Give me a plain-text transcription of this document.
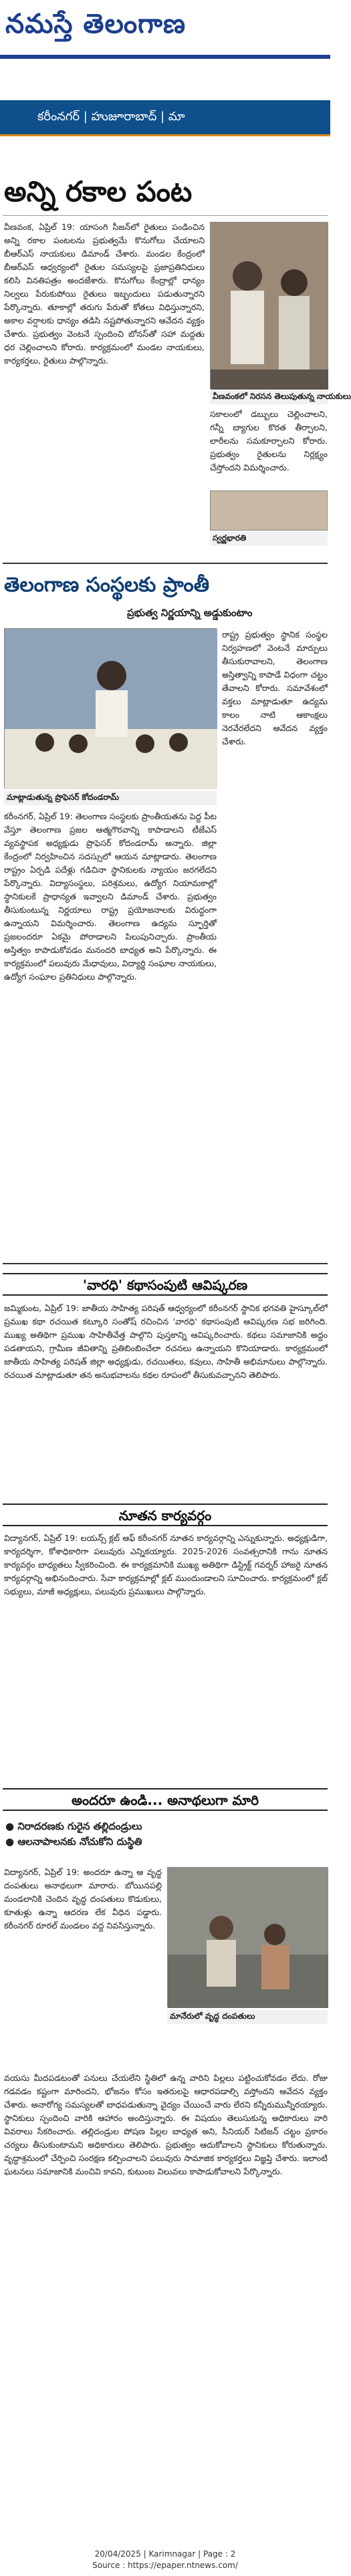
నమస్తే తెలంగాణ
కరీంనగర్ | హుజూరాబాద్ | మా
అన్ని రకాల పంట

వీణవంక, ఏప్రిల్ 19: యాసంగి సీజన్‌లో రైతులు పండించిన అన్ని రకాల పంటలను ప్రభుత్వమే కొనుగోలు చేయాలని బీఆర్ఎస్ నాయకులు డిమాండ్ చేశారు. మండల కేంద్రంలో బీఆర్ఎస్ ఆధ్వర్యంలో రైతుల సమస్యలపై ప్రజాప్రతినిధులు కలిసి వినతిపత్రం అందజేశారు. కొనుగోలు కేంద్రాల్లో ధాన్యం నిల్వలు పేరుకుపోయి రైతులు ఇబ్బందులు పడుతున్నారని పేర్కొన్నారు. తూకాల్లో తరుగు పేరుతో కోతలు విధిస్తున్నారని, అకాల వర్షాలకు ధాన్యం తడిసి నష్టపోతున్నారని ఆవేదన వ్యక్తం చేశారు. ప్రభుత్వం వెంటనే స్పందించి బోనస్‌తో సహా మద్దతు ధర చెల్లించాలని కోరారు. కార్యక్రమంలో మండల నాయకులు, కార్యకర్తలు, రైతులు పాల్గొన్నారు.

వీణవంకలో నిరసన తెలుపుతున్న నాయకులు

సకాలంలో డబ్బులు చెల్లించాలని, గన్నీ బ్యాగుల కొరత తీర్చాలని, లారీలను సమకూర్చాలని కోరారు. ప్రభుత్వం రైతులను నిర్లక్ష్యం చేస్తోందని విమర్శించారు.

స్వర్ణభారతి
తెలంగాణ సంస్థలకు ప్రాంతీ
ప్రభుత్వ నిర్ణయాన్ని అడ్డుకుంటాం
మాట్లాడుతున్న ప్రొఫెసర్ కోదండరామ్

కరీంనగర్, ఏప్రిల్ 19: తెలంగాణ సంస్థలకు ప్రాంతీయతను పెద్ద పీట వేస్తూ తెలంగాణ ప్రజల ఆత్మగౌరవాన్ని కాపాడాలని టీజేఎస్ వ్యవస్థాపక అధ్యక్షుడు ప్రొఫెసర్ కోదండరామ్ అన్నారు. జిల్లా కేంద్రంలో నిర్వహించిన సదస్సులో ఆయన మాట్లాడారు. తెలంగాణ రాష్ట్రం ఏర్పడి పదేళ్లు గడిచినా స్థానికులకు న్యాయం జరగలేదని పేర్కొన్నారు. విద్యాసంస్థలు, పరిశ్రమలు, ఉద్యోగ నియామకాల్లో స్థానికులకే ప్రాధాన్యత ఇవ్వాలని డిమాండ్ చేశారు. ప్రభుత్వం తీసుకుంటున్న నిర్ణయాలు రాష్ట్ర ప్రయోజనాలకు విరుద్ధంగా ఉన్నాయని విమర్శించారు. తెలంగాణ ఉద్యమ స్ఫూర్తితో ప్రజలందరూ ఏకమై పోరాడాలని పిలుపునిచ్చారు. ప్రాంతీయ అస్తిత్వం కాపాడుకోవడం మనందరి బాధ్యత అని పేర్కొన్నారు. ఈ కార్యక్రమంలో పలువురు మేధావులు, విద్యార్థి సంఘాల నాయకులు, ఉద్యోగ సంఘాల ప్రతినిధులు పాల్గొన్నారు.

రాష్ట్ర ప్రభుత్వం స్థానిక సంస్థల నిర్వహణలో వెంటనే మార్పులు తీసుకురావాలని, తెలంగాణ అస్తిత్వాన్ని కాపాడే విధంగా చట్టం తేవాలని కోరారు. సమావేశంలో వక్తలు మాట్లాడుతూ ఉద్యమ కాలం నాటి ఆకాంక్షలు నెరవేరలేదని ఆవేదన వ్యక్తం చేశారు.

'వారధి' కథాసంపుటి ఆవిష్కరణ

జమ్మికుంట, ఏప్రిల్ 19: జాతీయ సాహిత్య పరిషత్ ఆధ్వర్యంలో కరీంనగర్ స్థానిక భగవతి హైస్కూల్‌లో ప్రముఖ కథా రచయిత కట్కూరి సంతోష్ రచించిన 'వారధి' కథాసంపుటి ఆవిష్కరణ సభ జరిగింది. ముఖ్య అతిథిగా ప్రముఖ సాహితీవేత్త పాల్గొని పుస్తకాన్ని ఆవిష్కరించారు. కథలు సమాజానికి అద్దం పడతాయని, గ్రామీణ జీవితాన్ని ప్రతిబింబించేలా రచనలు ఉన్నాయని కొనియాడారు. కార్యక్రమంలో జాతీయ సాహిత్య పరిషత్ జిల్లా అధ్యక్షుడు, రచయితలు, కవులు, సాహితీ అభిమానులు పాల్గొన్నారు. రచయిత మాట్లాడుతూ తన అనుభవాలను కథల రూపంలో తీసుకువచ్చానని తెలిపారు.

నూతన కార్యవర్గం

విద్యానగర్, ఏప్రిల్ 19: లయన్స్ క్లబ్ ఆఫ్ కరీంనగర్ నూతన కార్యవర్గాన్ని ఎన్నుకున్నారు. అధ్యక్షుడిగా, కార్యదర్శిగా, కోశాధికారిగా పలువురు ఎన్నికయ్యారు. 2025-2026 సంవత్సరానికి గాను నూతన కార్యవర్గం బాధ్యతలు స్వీకరించింది. ఈ కార్యక్రమానికి ముఖ్య అతిథిగా డిస్ట్రిక్ట్ గవర్నర్ హాజరై నూతన కార్యవర్గాన్ని అభినందించారు. సేవా కార్యక్రమాల్లో క్లబ్ ముందుండాలని సూచించారు. కార్యక్రమంలో క్లబ్ సభ్యులు, మాజీ అధ్యక్షులు, పలువురు ప్రముఖులు పాల్గొన్నారు.

అందరూ ఉండి... అనాథలుగా మారి
● నిరాదరణకు గురైన తల్లిదండ్రులు
● ఆలనాపాలనకు నోచుకోని దుస్థితి

విద్యానగర్, ఏప్రిల్ 19: అందరూ ఉన్నా ఆ వృద్ధ దంపతులు అనాథలుగా మారారు. బోయినపల్లి మండలానికి చెందిన వృద్ధ దంపతులు కొడుకులు, కూతుళ్లు ఉన్నా ఆదరణ లేక వీధిన పడ్డారు. కరీంనగర్ రూరల్ మండలం వద్ద నివసిస్తున్నారు.

మానేరులో వృద్ధ దంపతులు

వయసు మీదపడటంతో పనులు చేయలేని స్థితిలో ఉన్న వారిని పిల్లలు పట్టించుకోవడం లేదు. రోజు గడవడం కష్టంగా మారిందని, భోజనం కోసం ఇతరులపై ఆధారపడాల్సి వస్తోందని ఆవేదన వ్యక్తం చేశారు. అనారోగ్య సమస్యలతో బాధపడుతున్నా వైద్యం చేయించే వారు లేరని కన్నీరుమున్నీరయ్యారు. స్థానికులు స్పందించి వారికి ఆహారం అందిస్తున్నారు. ఈ విషయం తెలుసుకున్న అధికారులు వారి వివరాలు సేకరించారు. తల్లిదండ్రుల పోషణ పిల్లల బాధ్యత అని, సీనియర్ సిటిజన్ చట్టం ప్రకారం చర్యలు తీసుకుంటామని అధికారులు తెలిపారు. ప్రభుత్వం ఆదుకోవాలని స్థానికులు కోరుతున్నారు. వృద్ధాశ్రమంలో చేర్పించి సంరక్షణ కల్పించాలని పలువురు సామాజిక కార్యకర్తలు విజ్ఞప్తి చేశారు. ఇలాంటి ఘటనలు సమాజానికి మంచివి కావని, కుటుంబ విలువలు కాపాడుకోవాలని పేర్కొన్నారు.

20/04/2025 | Karimnagar | Page : 2
Source : https://epaper.ntnews.com/
